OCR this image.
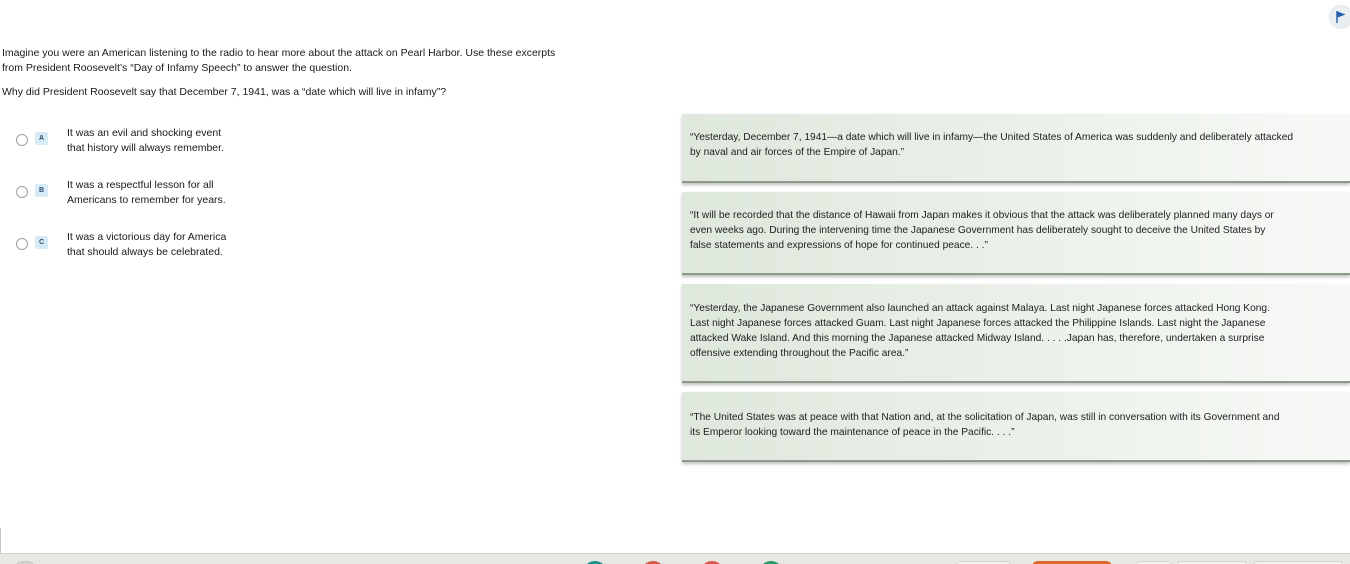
Imagine you were an American listening to the radio to hear more about the attack on Pearl Harbor. Use these excerpts
from President Roosevelt’s “Day of Infamy Speech” to answer the question.

Why did President Roosevelt say that December 7, 1941, was a “date which will live in infamy”?

A	It was an evil and shocking event
that history will always remember.
B	It was a respectful lesson for all
Americans to remember for years.
C	It was a victorious day for America
that should always be celebrated.

“Yesterday, December 7, 1941—a date which will live in infamy—the United States of America was suddenly and deliberately attacked
by naval and air forces of the Empire of Japan.”

“It will be recorded that the distance of Hawaii from Japan makes it obvious that the attack was deliberately planned many days or
even weeks ago. During the intervening time the Japanese Government has deliberately sought to deceive the United States by
false statements and expressions of hope for continued peace. . .”

“Yesterday, the Japanese Government also launched an attack against Malaya. Last night Japanese forces attacked Hong Kong.
Last night Japanese forces attacked Guam. Last night Japanese forces attacked the Philippine Islands. Last night the Japanese
attacked Wake Island. And this morning the Japanese attacked Midway Island. . . . .Japan has, therefore, undertaken a surprise
offensive extending throughout the Pacific area.”

“The United States was at peace with that Nation and, at the solicitation of Japan, was still in conversation with its Government and
its Emperor looking toward the maintenance of peace in the Pacific. . . .”
